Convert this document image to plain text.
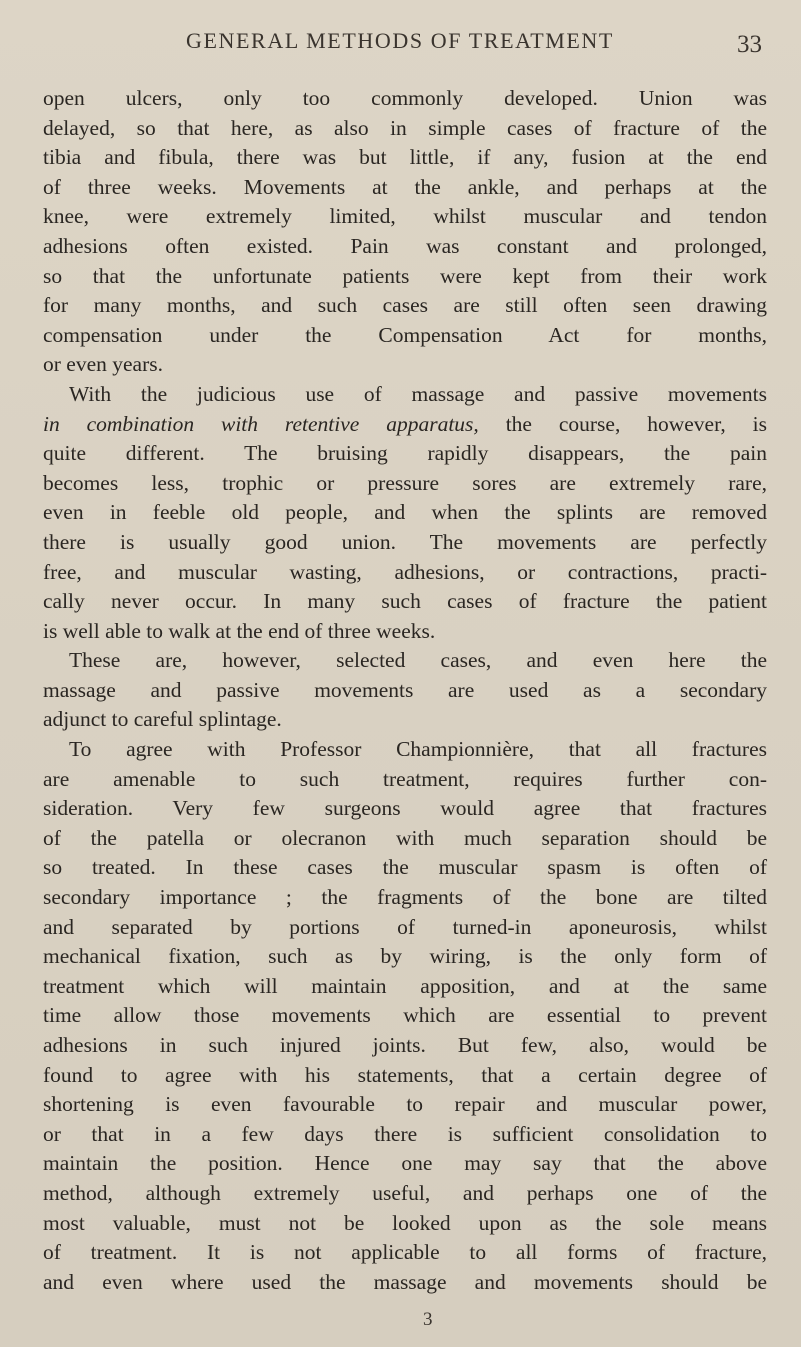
GENERAL METHODS OF TREATMENT	33
open ulcers, only too commonly developed. Union was
delayed, so that here, as also in simple cases of fracture of the
tibia and fibula, there was but little, if any, fusion at the end
of three weeks. Movements at the ankle, and perhaps at the
knee, were extremely limited, whilst muscular and tendon
adhesions often existed. Pain was constant and prolonged,
so that the unfortunate patients were kept from their work
for many months, and such cases are still often seen drawing
compensation under the Compensation Act for months,
or even years.
With the judicious use of massage and passive movements
in combination with retentive apparatus, the course, however, is
quite different. The bruising rapidly disappears, the pain
becomes less, trophic or pressure sores are extremely rare,
even in feeble old people, and when the splints are removed
there is usually good union. The movements are perfectly
free, and muscular wasting, adhesions, or contractions, practi-
cally never occur. In many such cases of fracture the patient
is well able to walk at the end of three weeks.
These are, however, selected cases, and even here the
massage and passive movements are used as a secondary
adjunct to careful splintage.
To agree with Professor Championnière, that all fractures
are amenable to such treatment, requires further con-
sideration. Very few surgeons would agree that fractures
of the patella or olecranon with much separation should be
so treated. In these cases the muscular spasm is often of
secondary importance ; the fragments of the bone are tilted
and separated by portions of turned-in aponeurosis, whilst
mechanical fixation, such as by wiring, is the only form of
treatment which will maintain apposition, and at the same
time allow those movements which are essential to prevent
adhesions in such injured joints. But few, also, would be
found to agree with his statements, that a certain degree of
shortening is even favourable to repair and muscular power,
or that in a few days there is sufficient consolidation to
maintain the position. Hence one may say that the above
method, although extremely useful, and perhaps one of the
most valuable, must not be looked upon as the sole means
of treatment. It is not applicable to all forms of fracture,
and even where used the massage and movements should be
3
